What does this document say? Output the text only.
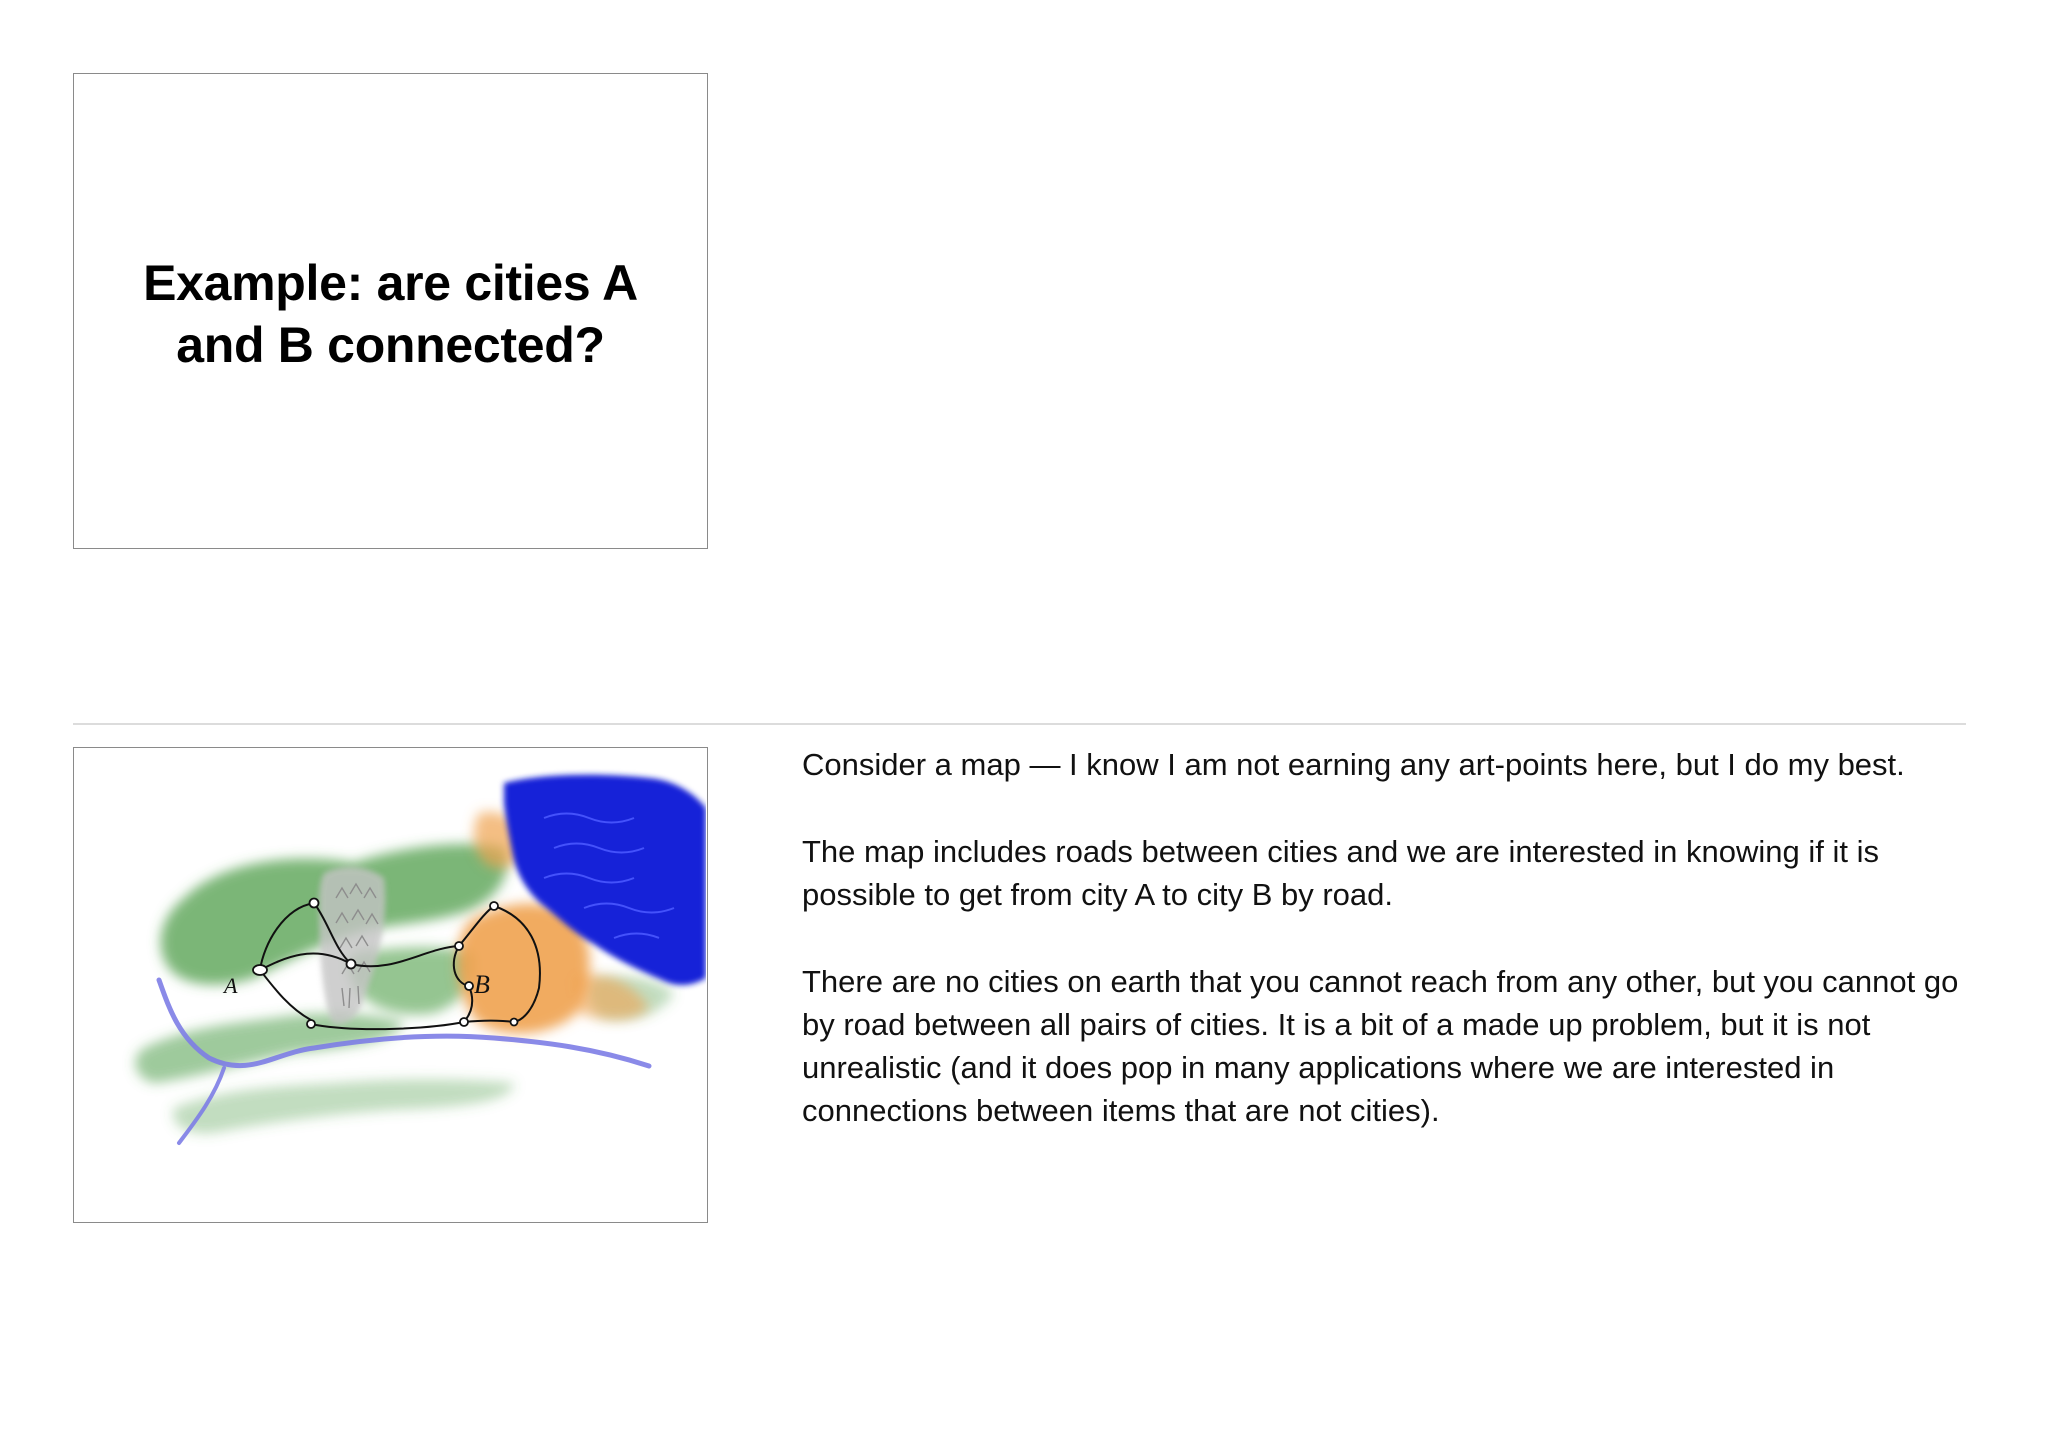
Example: are cities A
and B connected?
A	B

Consider a map — I know I am not earning any art-points here, but I do my best.

The map includes roads between cities and we are interested in knowing if it is possible to get from city A to city B by road.

There are no cities on earth that you cannot reach from any other, but you cannot go by road between all pairs of cities. It is a bit of a made up problem, but it is not unrealistic (and it does pop in many applications where we are interested in connections between items that are not cities).
